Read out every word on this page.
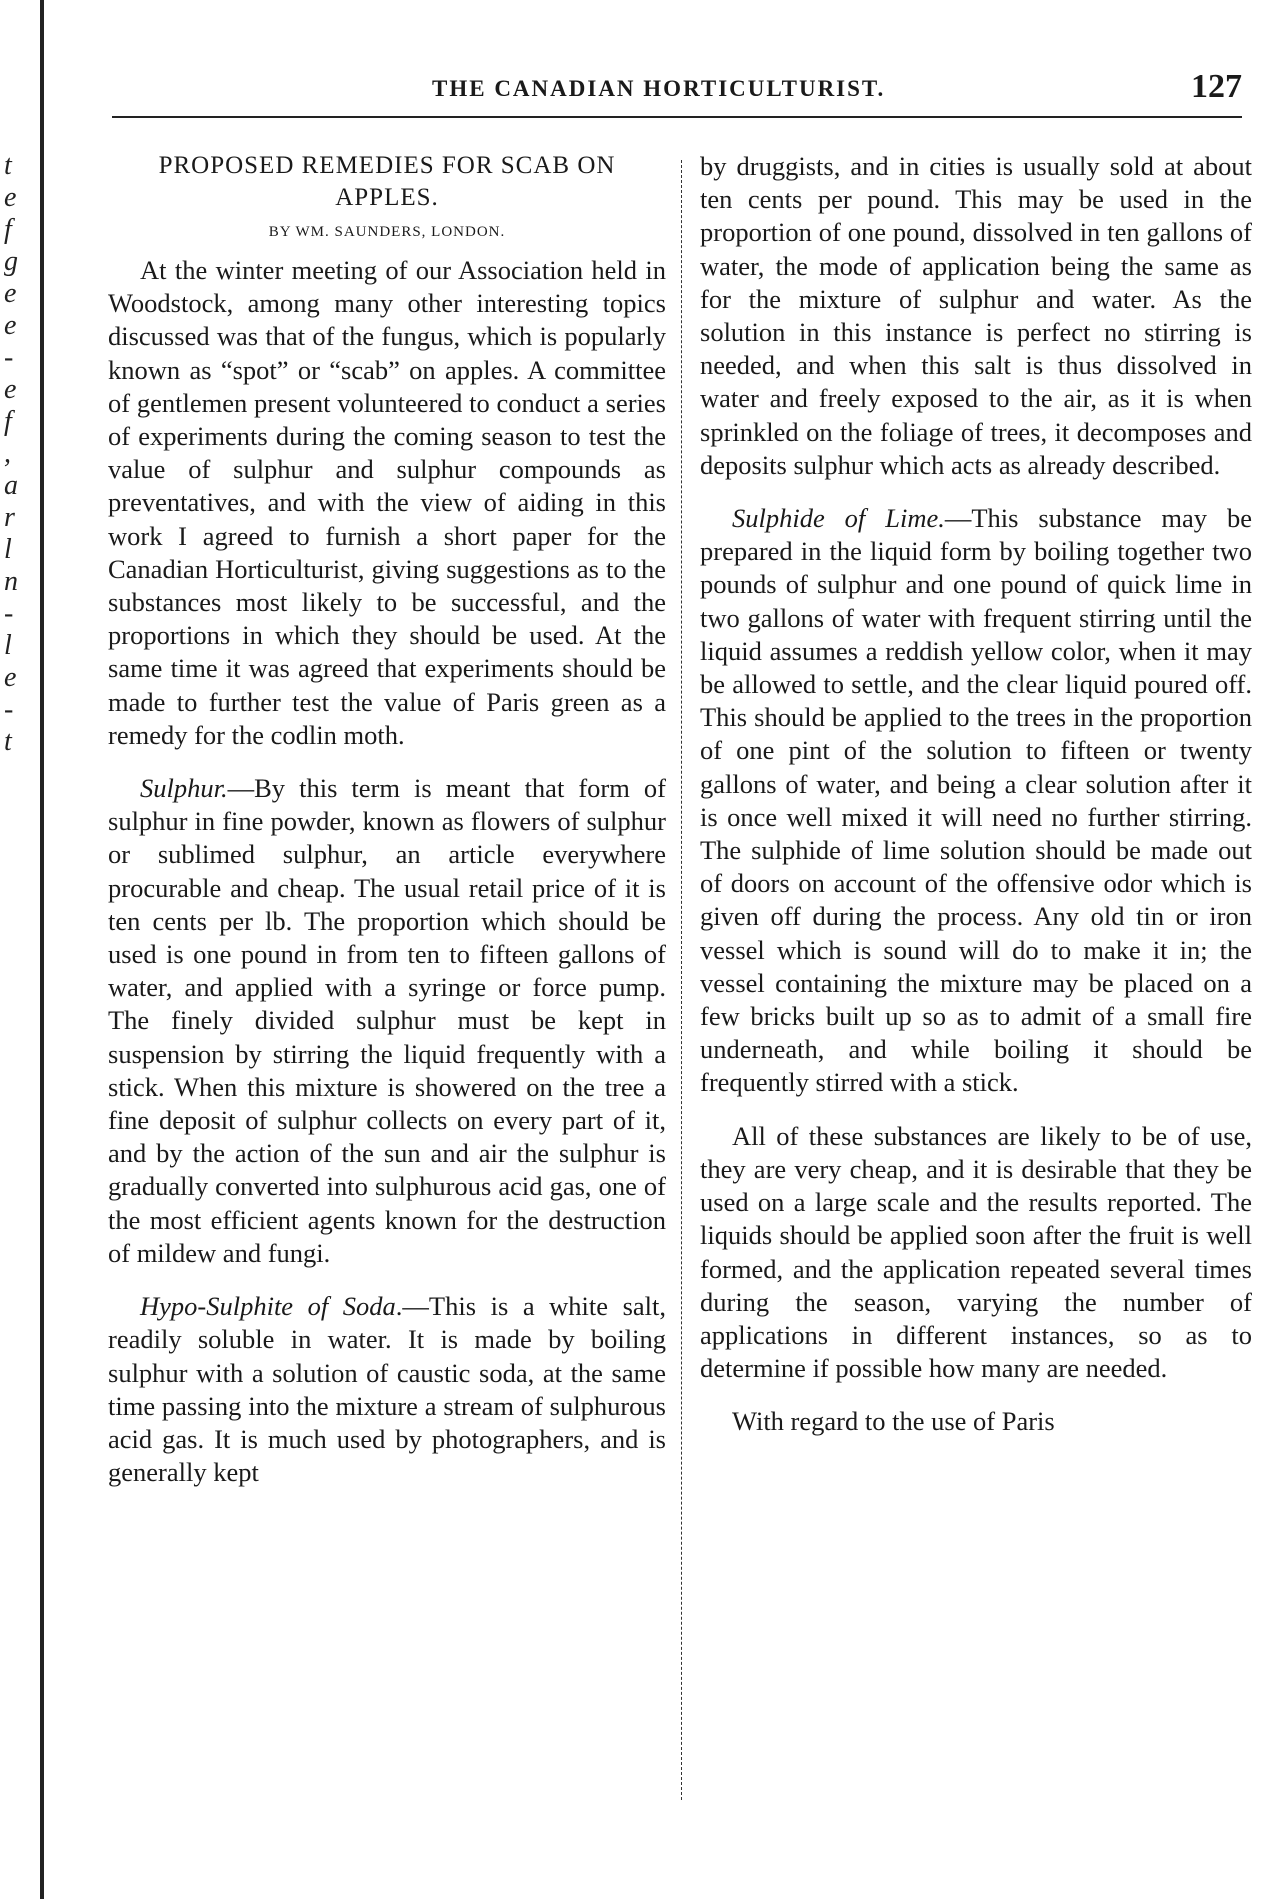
t
e
f
g
e
e
-
e
f
,
a
r
l
n
-
l
e
-
t
THE CANADIAN HORTICULTURIST.	127
PROPOSED REMEDIES FOR SCAB ON
APPLES.
BY WM. SAUNDERS, LONDON.

At the winter meeting of our Association held in Woodstock, among many other interesting topics discussed was that of the fungus, which is popularly known as “spot” or “scab” on apples. A committee of gentlemen present volunteered to conduct a series of experiments during the coming season to test the value of sulphur and sulphur compounds as preventatives, and with the view of aiding in this work I agreed to furnish a short paper for the Canadian Horticulturist, giving suggestions as to the substances most likely to be successful, and the proportions in which they should be used. At the same time it was agreed that experiments should be made to further test the value of Paris green as a remedy for the codlin moth.

Sulphur.—By this term is meant that form of sulphur in fine powder, known as flowers of sulphur or sublimed sulphur, an article everywhere procurable and cheap. The usual retail price of it is ten cents per lb. The proportion which should be used is one pound in from ten to fifteen gallons of water, and applied with a syringe or force pump. The finely divided sulphur must be kept in suspension by stirring the liquid frequently with a stick. When this mixture is showered on the tree a fine deposit of sulphur collects on every part of it, and by the action of the sun and air the sulphur is gradually converted into sulphurous acid gas, one of the most efficient agents known for the destruction of mildew and fungi.

Hypo-Sulphite of Soda.—This is a white salt, readily soluble in water. It is made by boiling sulphur with a solution of caustic soda, at the same time passing into the mixture a stream of sulphurous acid gas. It is much used by photographers, and is generally kept

by druggists, and in cities is usually sold at about ten cents per pound. This may be used in the proportion of one pound, dissolved in ten gallons of water, the mode of application being the same as for the mixture of sulphur and water. As the solution in this instance is perfect no stirring is needed, and when this salt is thus dissolved in water and freely exposed to the air, as it is when sprinkled on the foliage of trees, it decomposes and deposits sulphur which acts as already described.

Sulphide of Lime.—This substance may be prepared in the liquid form by boiling together two pounds of sulphur and one pound of quick lime in two gallons of water with frequent stirring until the liquid assumes a reddish yellow color, when it may be allowed to settle, and the clear liquid poured off. This should be applied to the trees in the proportion of one pint of the solution to fifteen or twenty gallons of water, and being a clear solution after it is once well mixed it will need no further stirring. The sulphide of lime solution should be made out of doors on account of the offensive odor which is given off during the process. Any old tin or iron vessel which is sound will do to make it in; the vessel containing the mixture may be placed on a few bricks built up so as to admit of a small fire underneath, and while boiling it should be frequently stirred with a stick.

All of these substances are likely to be of use, they are very cheap, and it is desirable that they be used on a large scale and the results reported. The liquids should be applied soon after the fruit is well formed, and the application repeated several times during the season, varying the number of applications in different instances, so as to determine if possible how many are needed.

With regard to the use of Paris
